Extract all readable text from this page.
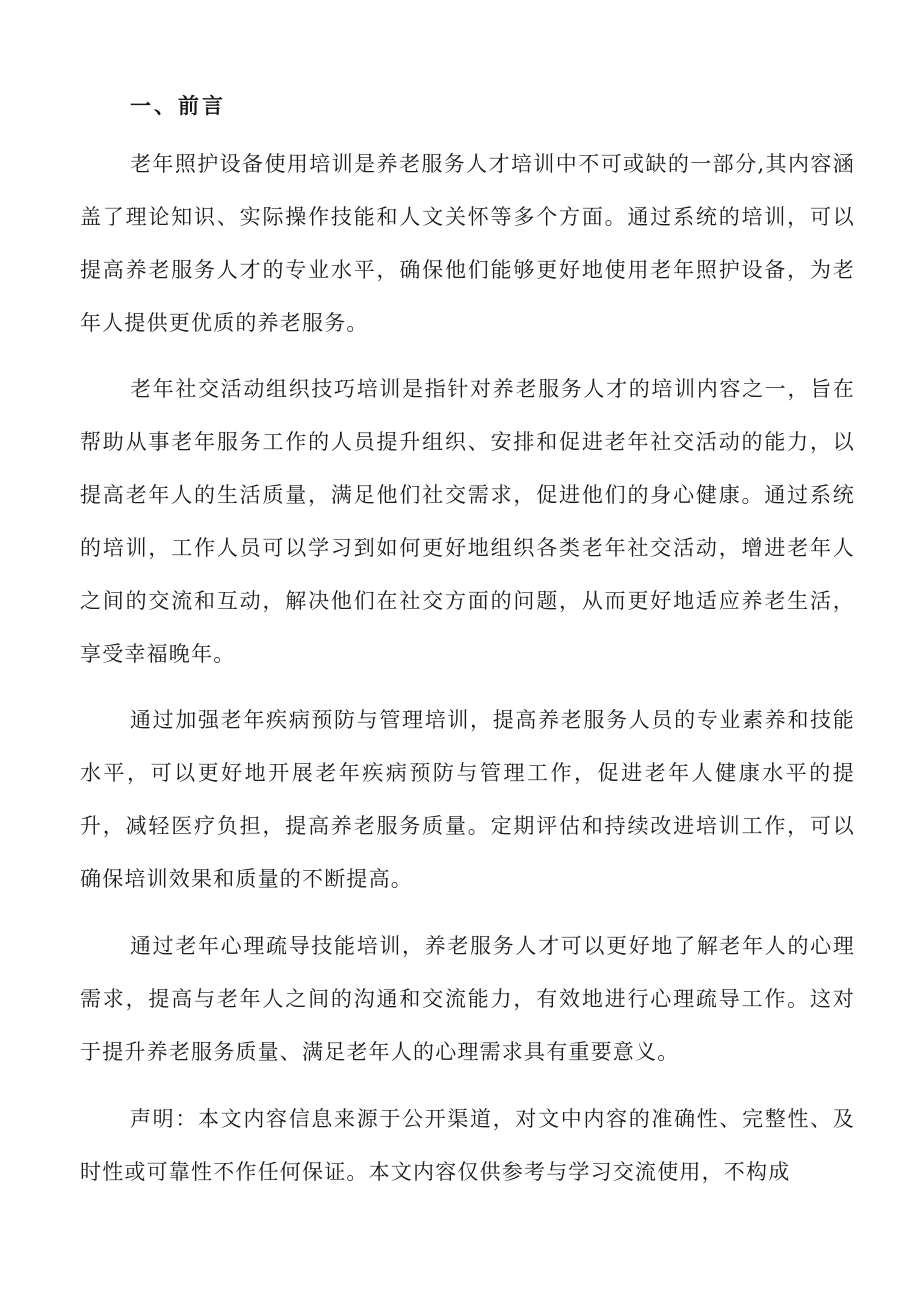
一、前言

老年照护设备使用培训是养老服务人才培训中不可或缺的一部分,其内容涵盖了理论知识、实际操作技能和人文关怀等多个方面。通过系统的培训，可以提高养老服务人才的专业水平，确保他们能够更好地使用老年照护设备，为老年人提供更优质的养老服务。

老年社交活动组织技巧培训是指针对养老服务人才的培训内容之一，旨在帮助从事老年服务工作的人员提升组织、安排和促进老年社交活动的能力，以提高老年人的生活质量，满足他们社交需求，促进他们的身心健康。通过系统的培训，工作人员可以学习到如何更好地组织各类老年社交活动，增进老年人之间的交流和互动，解决他们在社交方面的问题，从而更好地适应养老生活，享受幸福晚年。

通过加强老年疾病预防与管理培训，提高养老服务人员的专业素养和技能水平，可以更好地开展老年疾病预防与管理工作，促进老年人健康水平的提升，减轻医疗负担，提高养老服务质量。定期评估和持续改进培训工作，可以确保培训效果和质量的不断提高。

通过老年心理疏导技能培训，养老服务人才可以更好地了解老年人的心理需求，提高与老年人之间的沟通和交流能力，有效地进行心理疏导工作。这对于提升养老服务质量、满足老年人的心理需求具有重要意义。

声明：本文内容信息来源于公开渠道，对文中内容的准确性、完整性、及时性或可靠性不作任何保证。本文内容仅供参考与学习交流使用，不构成
